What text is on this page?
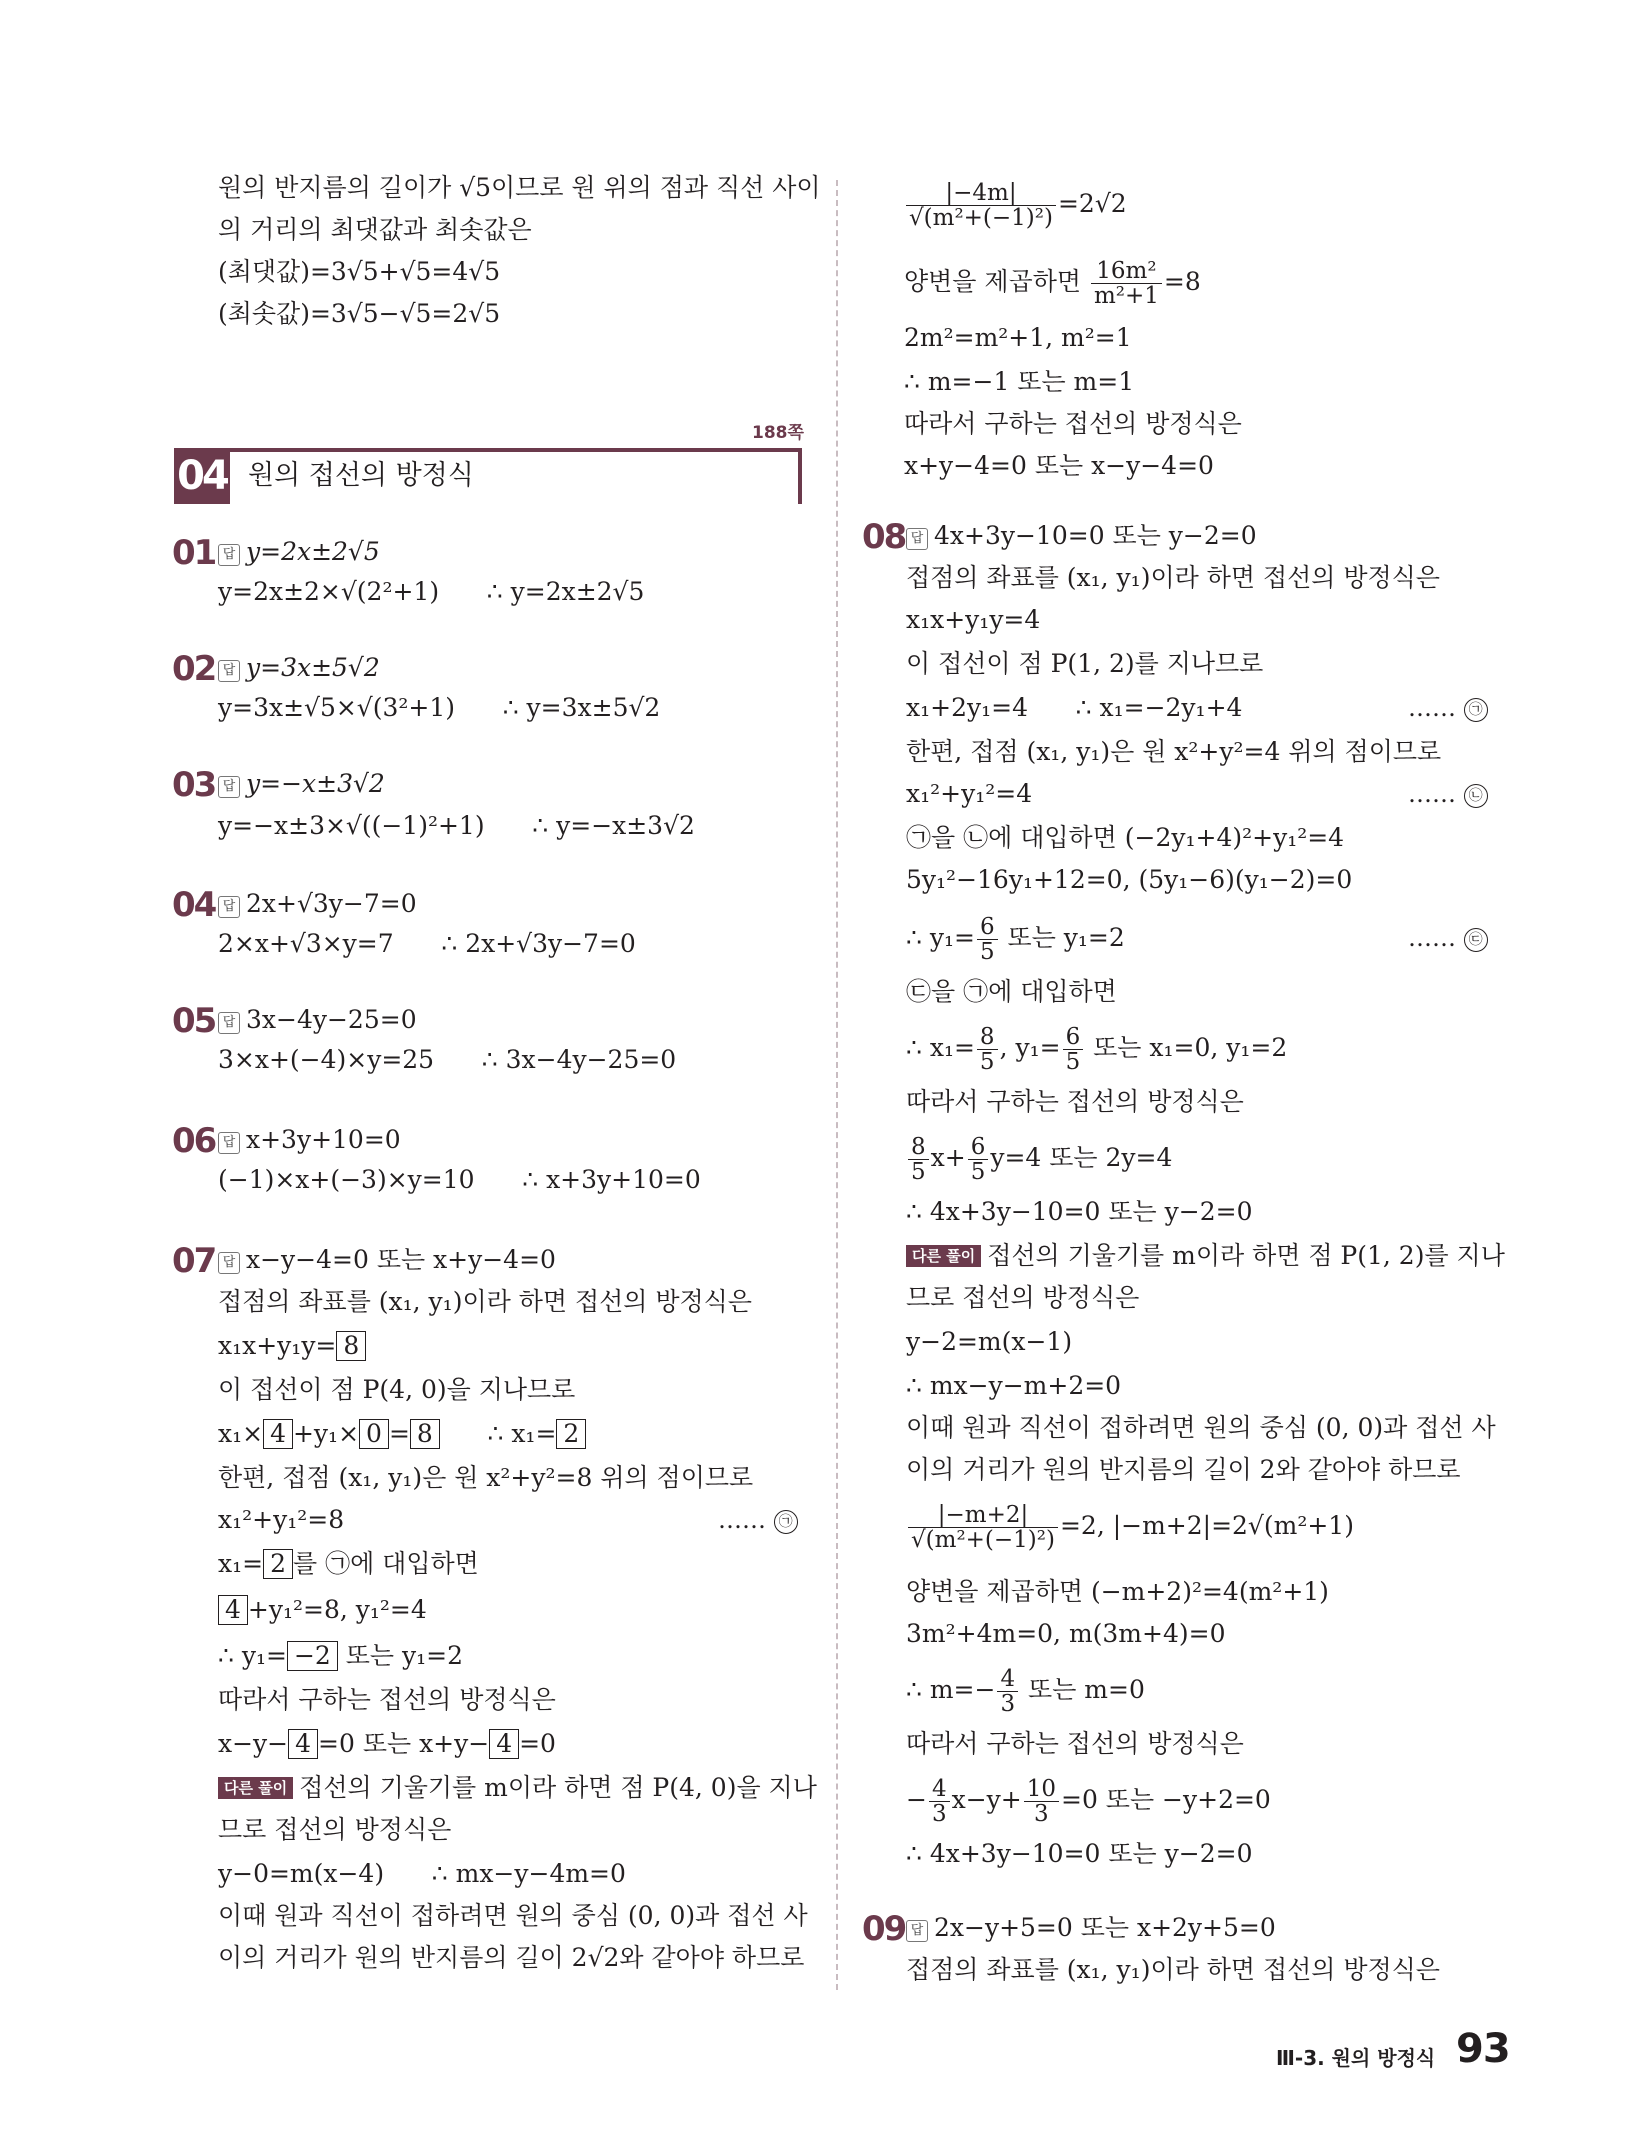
원의 반지름의 길이가 √5이므로 원 위의 점과 직선 사이
의 거리의 최댓값과 최솟값은
(최댓값)=3√5+√5=4√5
(최솟값)=3√5−√5=2√5
188쪽
04 원의 접선의 방정식
01 답 y=2x±2√5
y=2x±2×√(2²+1)      ∴ y=2x±2√5
02 답 y=3x±5√2
y=3x±√5×√(3²+1)      ∴ y=3x±5√2
03 답 y=−x±3√2
y=−x±3×√((−1)²+1)      ∴ y=−x±3√2
04 답 2x+√3y−7=0
2×x+√3×y=7      ∴ 2x+√3y−7=0
05 답 3x−4y−25=0
3×x+(−4)×y=25      ∴ 3x−4y−25=0
06 답 x+3y+10=0
(−1)×x+(−3)×y=10      ∴ x+3y+10=0
07 답 x−y−4=0 또는 x+y−4=0
접점의 좌표를 (x₁, y₁)이라 하면 접선의 방정식은
x₁x+y₁y= 8
이 접선이 점 P(4, 0)을 지나므로
x₁× 4 +y₁× 0 = 8      ∴ x₁= 2
한편, 접점 (x₁, y₁)은 원 x²+y²=8 위의 점이므로
x₁²+y₁²=8	…… ㉠
x₁= 2 를 ㉠에 대입하면
4 +y₁²=8, y₁²=4
∴ y₁= −2 또는 y₁=2
따라서 구하는 접선의 방정식은
x−y− 4 =0 또는 x+y− 4 =0
다른 풀이 접선의 기울기를 m이라 하면 점 P(4, 0)을 지나
므로 접선의 방정식은
y−0=m(x−4)      ∴ mx−y−4m=0
이때 원과 직선이 접하려면 원의 중심 (0, 0)과 접선 사
이의 거리가 원의 반지름의 길이 2√2와 같아야 하므로
$\frac{|-4m|}{\text{√(m²+(−1)²)}} =2√2$
양변을 제곱하면 $\frac{\text{16m²}}{\text{m²+1}} =8$
2m²=m²+1, m²=1
∴ m=−1 또는 m=1
따라서 구하는 접선의 방정식은
x+y−4=0 또는 x−y−4=0
08 답 4x+3y−10=0 또는 y−2=0
접점의 좌표를 (x₁, y₁)이라 하면 접선의 방정식은
x₁x+y₁y=4
이 접선이 점 P(1, 2)를 지나므로
x₁+2y₁=4      ∴ x₁=−2y₁+4	…… ㉠
한편, 접점 (x₁, y₁)은 원 x²+y²=4 위의 점이므로
x₁²+y₁²=4	…… ㉡
㉠을 ㉡에 대입하면 (−2y₁+4)²+y₁²=4
5y₁²−16y₁+12=0, (5y₁−6)(y₁−2)=0
∴ $y_1= \frac{6}{5}$ 또는 y₁=2	…… ㉢
㉢을 ㉠에 대입하면
∴ $x_1= \frac{8}{5}$ , $y_1= \frac{6}{5}$ 또는 x₁=0, y₁=2
따라서 구하는 접선의 방정식은
$\frac{8}{5} x+ \frac{6}{5} y=4$ 또는 2y=4
∴ 4x+3y−10=0 또는 y−2=0
다른 풀이 접선의 기울기를 m이라 하면 점 P(1, 2)를 지나
므로 접선의 방정식은
y−2=m(x−1)
∴ mx−y−m+2=0
이때 원과 직선이 접하려면 원의 중심 (0, 0)과 접선 사
이의 거리가 원의 반지름의 길이 2와 같아야 하므로
$\frac{|-m+2|}{\text{√(m²+(−1)²)}} =2$, |−m+2|=2√(m²+1)
양변을 제곱하면 (−m+2)²=4(m²+1)
3m²+4m=0, m(3m+4)=0
∴ $m=- \frac{4}{3}$ 또는 m=0
따라서 구하는 접선의 방정식은
− $\frac{4}{3} x-y+ \frac{10}{3} =0$ 또는 −y+2=0
∴ 4x+3y−10=0 또는 y−2=0
09 답 2x−y+5=0 또는 x+2y+5=0
접점의 좌표를 (x₁, y₁)이라 하면 접선의 방정식은
Ⅲ-3. 원의 방정식 93
